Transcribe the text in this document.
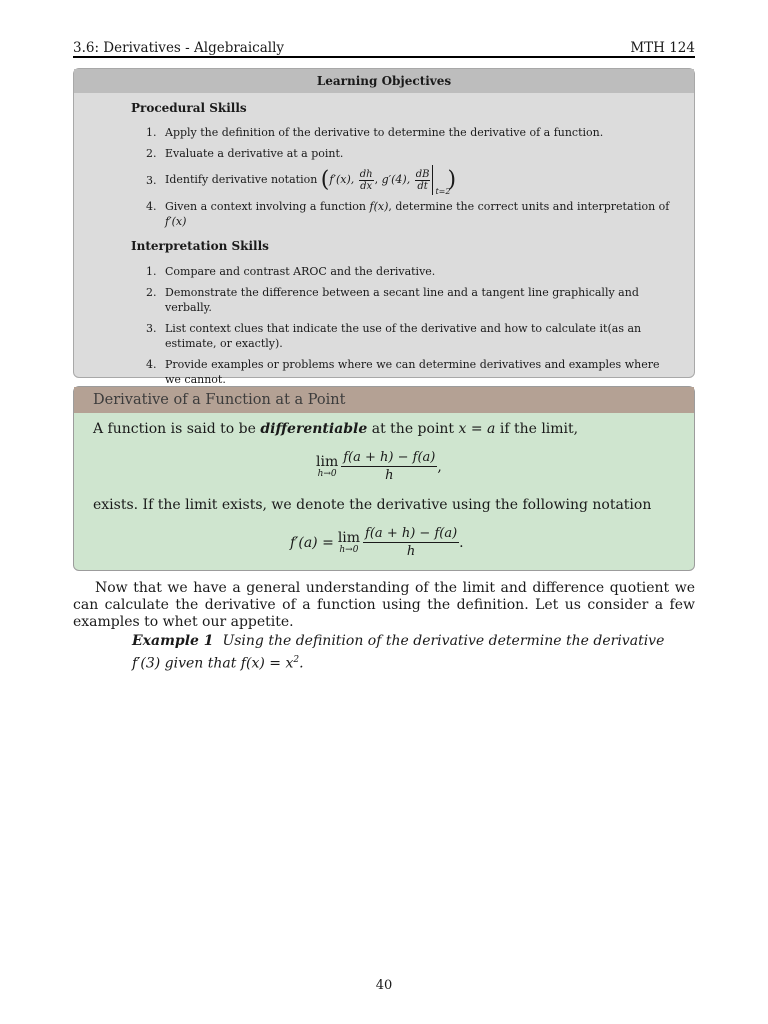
3.6: Derivatives - Algebraically	MTH 124
Learning Objectives
Procedural Skills
1. Apply the definition of the derivative to determine the derivative of a function.
2. Evaluate a derivative at a point.
3. Identify derivative notation (f′(x), $\frac{dh}{dx}$ , g′(4), $\frac{dB}{dt} t=2$
)
4. Given a context involving a function f(x), determine the correct units and interpretation of f′(x)
Interpretation Skills
1. Compare and contrast AROC and the derivative.
2. Demonstrate the difference between a secant line and a tangent line graphically and verbally.
3. List context clues that indicate the use of the derivative and how to calculate it(as an estimate, or exactly).
4. Provide examples or problems where we can determine derivatives and examples where we cannot.
Derivative of a Function at a Point
A function is said to be differentiable at the point x = a if the limit,
lim
h→0
f(a + h) − f(a)
h
,
exists. If the limit exists, we denote the derivative using the following notation
f′(a) = lim
h→0
f(a + h) − f(a)
h
.
Now that we have a general understanding of the limit and difference quotient we can calculate the derivative of a function using the definition. Let us consider a few examples to whet our appetite.
Example 1 Using the definition of the derivative determine the derivative f′(3) given that $f(x) = x^2$.
40
